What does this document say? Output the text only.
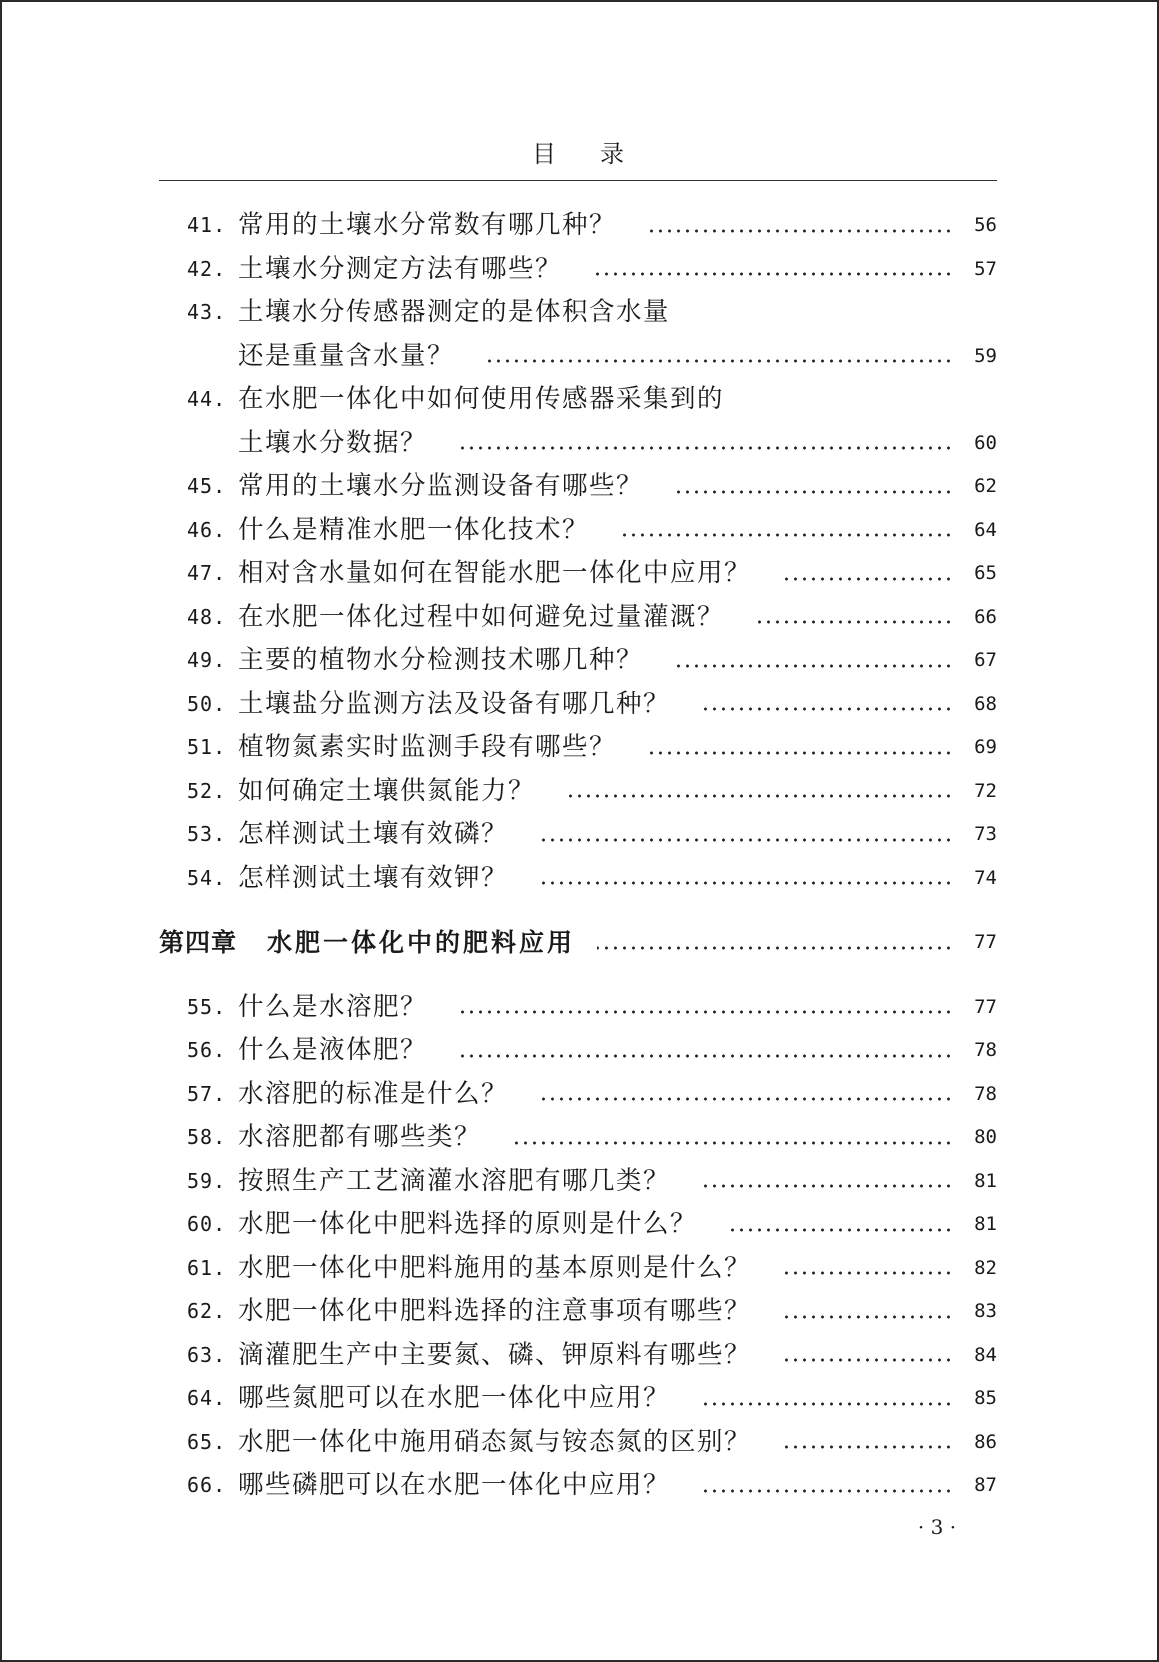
目录
41. 常用的土壤水分常数有哪几种？	56
42. 土壤水分测定方法有哪些？	57
43. 土壤水分传感器测定的是体积含水量
还是重量含水量？	59
44. 在水肥一体化中如何使用传感器采集到的
土壤水分数据？	60
45. 常用的土壤水分监测设备有哪些？	62
46. 什么是精准水肥一体化技术？	64
47. 相对含水量如何在智能水肥一体化中应用？	65
48. 在水肥一体化过程中如何避免过量灌溉？	66
49. 主要的植物水分检测技术哪几种？	67
50. 土壤盐分监测方法及设备有哪几种？	68
51. 植物氮素实时监测手段有哪些？	69
52. 如何确定土壤供氮能力？	72
53. 怎样测试土壤有效磷？	73
54. 怎样测试土壤有效钾？	74
第四章 水肥一体化中的肥料应用	77
55. 什么是水溶肥？	77
56. 什么是液体肥？	78
57. 水溶肥的标准是什么？	78
58. 水溶肥都有哪些类？	80
59. 按照生产工艺滴灌水溶肥有哪几类？	81
60. 水肥一体化中肥料选择的原则是什么？	81
61. 水肥一体化中肥料施用的基本原则是什么？	82
62. 水肥一体化中肥料选择的注意事项有哪些？	83
63. 滴灌肥生产中主要氮、磷、钾原料有哪些？	84
64. 哪些氮肥可以在水肥一体化中应用？	85
65. 水肥一体化中施用硝态氮与铵态氮的区别？	86
66. 哪些磷肥可以在水肥一体化中应用？	87
· 3 ·
